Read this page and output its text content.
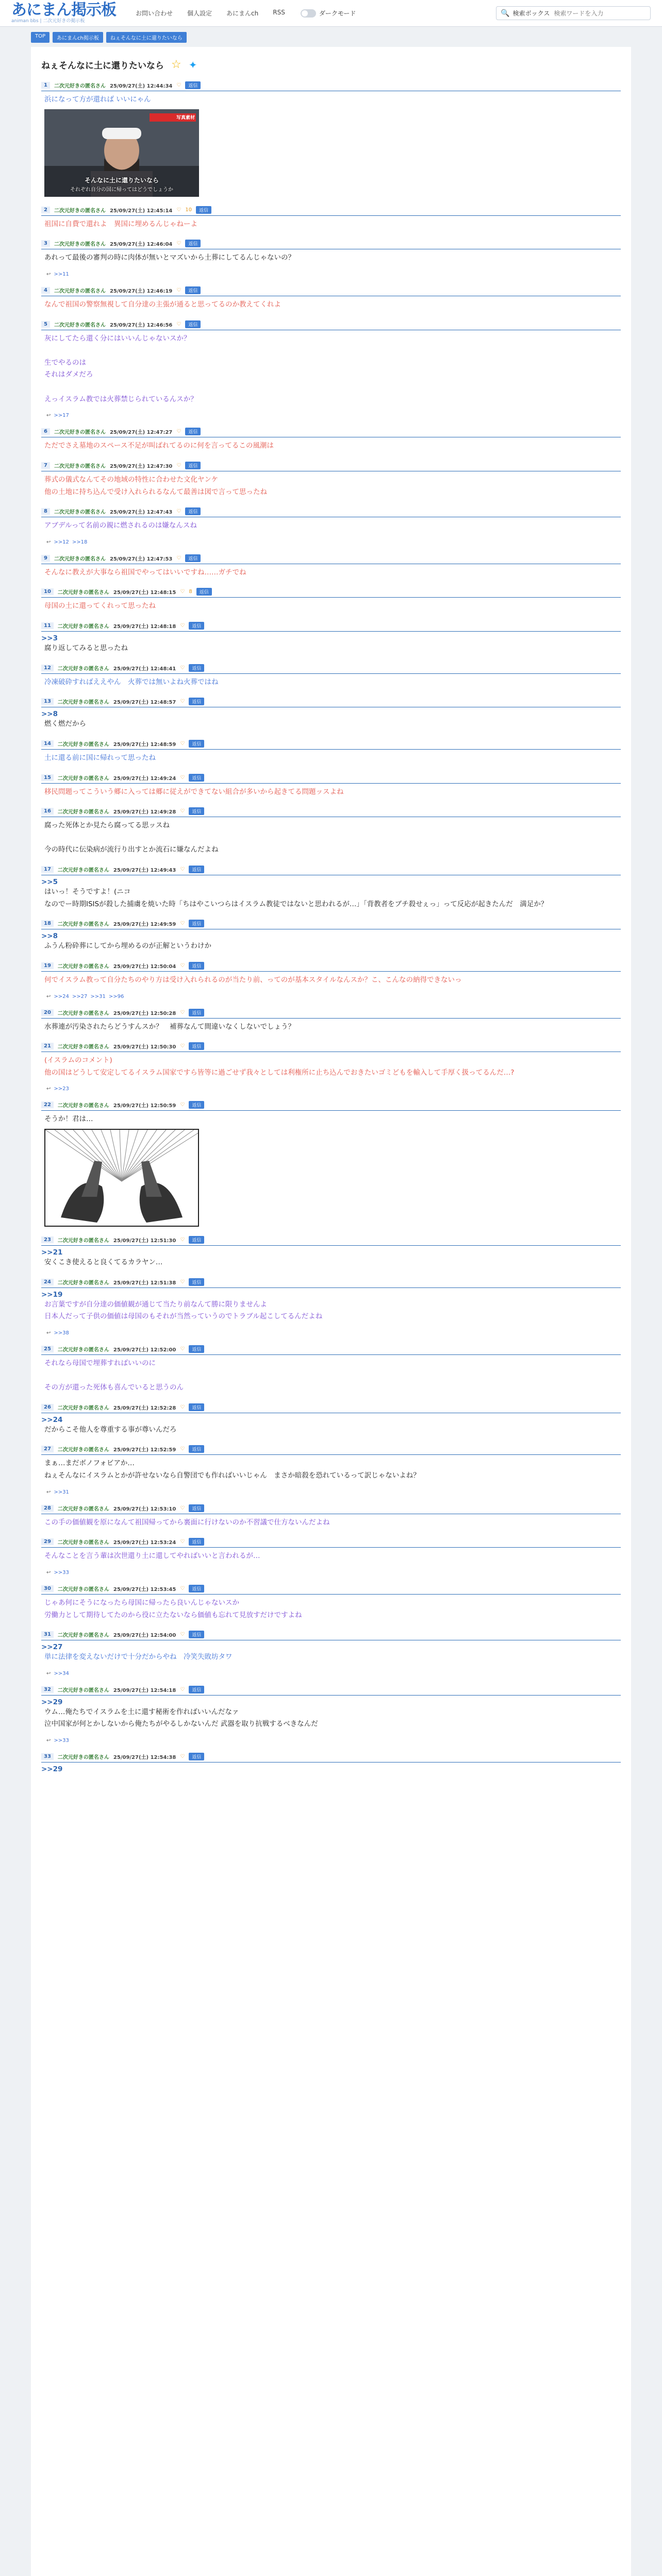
あにまん掲示板
animan bbs | 二次元好きの掲示板
お問い合わせ 個人設定 あにまんch RSS	ダークモード	🔍 検索ボックス
検索ワードを入力
TOP	あにまんch掲示板	ねぇそんなに土に還りたいなら
ねぇそんなに土に還りたいなら ☆ ✦
1	二次元好きの匿名さん 25/09/27(土) 12:44:34 ♡	返信
浜になって方が還れば いいにゃん
写真素材
そんなに土に還りたいなら
それぞれ自分の国に帰ってはどうでしょうか
2	二次元好きの匿名さん 25/09/27(土) 12:45:14 ♡ 10	返信
祖国に自費で還れよ　異国に埋めるんじゃねーよ
3	二次元好きの匿名さん 25/09/27(土) 12:46:04 ♡	返信
あれって最後の審判の時に肉体が無いとマズいから土葬にしてるんじゃないの？
↩ >>11
4	二次元好きの匿名さん 25/09/27(土) 12:46:19 ♡	返信
なんで祖国の警察無視して自分達の主張が通ると思ってるのか教えてくれよ
5	二次元好きの匿名さん 25/09/27(土) 12:46:56 ♡	返信
灰にしてたら還く分にはいいんじゃないスか？

生でやるのは
それはダメだろ

えっイスラム教では火葬禁じられているんスか？
↩ >>17
6	二次元好きの匿名さん 25/09/27(土) 12:47:27 ♡	返信
ただでさえ墓地のスペース不足が叫ばれてるのに何を言ってるこの風潮は
7	二次元好きの匿名さん 25/09/27(土) 12:47:30 ♡	返信
葬式の儀式なんてその地域の特性に合わせた文化ヤンケ
他の土地に持ち込んで受け入れられるなんて最善は図で言って思ったね
8	二次元好きの匿名さん 25/09/27(土) 12:47:43 ♡	返信
アブデルって名前の親に燃されるのは嫌なんスね
↩ >>12 >>18
9	二次元好きの匿名さん 25/09/27(土) 12:47:53 ♡	返信
そんなに教えが大事なら祖国でやってはいいですね……ガチでね
10	二次元好きの匿名さん 25/09/27(土) 12:48:15 ♡ 8	返信
母国の土に還ってくれって思ったね
11	二次元好きの匿名さん 25/09/27(土) 12:48:18 ♡	返信
>>3
腐り返してみると思ったね
12	二次元好きの匿名さん 25/09/27(土) 12:48:41 ♡	返信
冷凍破砕すればええやん　火葬では無いよね火葬ではね
13	二次元好きの匿名さん 25/09/27(土) 12:48:57 ♡	返信
>>8
燃く燃だから
14	二次元好きの匿名さん 25/09/27(土) 12:48:59 ♡	返信
土に還る前に国に帰れって思ったね
15	二次元好きの匿名さん 25/09/27(土) 12:49:24 ♡	返信
移民問題ってこういう郷に入っては郷に従えができてない組合が多いから起きてる問題ッスよね
16	二次元好きの匿名さん 25/09/27(土) 12:49:28 ♡	返信
腐った死体とか見たら腐ってる思ッスね

今の時代に伝染病が流行り出すとか流石に嫌なんだよね
17	二次元好きの匿名さん 25/09/27(土) 12:49:43 ♡	返信
>>5
はいっ！そうですよ！(ニコ
なのでー時期ISISが殺した捕虜を焼いた時「ちはやこいつらはイスラム教徒ではないと思われるが…」「背教者をブチ殺せぇっ」って反応が起きたんだ　満足か？
18	二次元好きの匿名さん 25/09/27(土) 12:49:59 ♡	返信
>>8
ふうん粉砕葬にしてから埋めるのが正解というわけか
19	二次元好きの匿名さん 25/09/27(土) 12:50:04 ♡	返信
何でイスラム教って自分たちのやり方は受け入れられるのが当たり前、ってのが基本スタイルなんスか？こ、こんなの納得できないっ
↩ >>24 >>27 >>31 >>96
20	二次元好きの匿名さん 25/09/27(土) 12:50:28 ♡	返信
水葬連が汚染されたらどうすんスか？　補葬なんて間違いなくしないでしょう？
21	二次元好きの匿名さん 25/09/27(土) 12:50:30 ♡	返信
(イスラムのコメント)
他の国はどうして安定してるイスラム国家ですら皆等に過ごせず我々としては利権所に止ち込んでおきたいゴミどもを輸入して手厚く扱ってるんだ…?
↩ >>23
22	二次元好きの匿名さん 25/09/27(土) 12:50:59 ♡	返信
そうか！君は…
23	二次元好きの匿名さん 25/09/27(土) 12:51:30 ♡	返信
>>21
安くこき使えると良くてるカラヤン…
24	二次元好きの匿名さん 25/09/27(土) 12:51:38 ♡	返信
>>19
お言葉ですが自分達の価値観が通じて当たり前なんて勝に限りませんよ
日本人だって子供の価値は母国のもそれが当然っていうのでトラブル起こしてるんだよね
↩ >>38
25	二次元好きの匿名さん 25/09/27(土) 12:52:00 ♡	返信
それなら母国で埋葬すればいいのに

その方が還った死体も喜んでいると思うのん
26	二次元好きの匿名さん 25/09/27(土) 12:52:28 ♡	返信
>>24
だからこそ他人を尊重する事が尊いんだろ
27	二次元好きの匿名さん 25/09/27(土) 12:52:59 ♡	返信
まぁ…まだボノフォビアか…
ねぇそんなにイスラムとかが許せないなら自警団でも作ればいいじゃん　まさか暗殺を恐れているって訳じゃないよね？
↩ >>31
28	二次元好きの匿名さん 25/09/27(土) 12:53:10 ♡	返信
この手の価値観を原になんて祖国帰ってから裏面に行けないのか不習議で仕方ないんだよね
29	二次元好きの匿名さん 25/09/27(土) 12:53:24 ♡	返信
そんなことを言う輩は次世還り土に還してやればいいと言われるが…
↩ >>33
30	二次元好きの匿名さん 25/09/27(土) 12:53:45 ♡	返信
じゃあ何にそうになったら母国に帰ったら良いんじゃないスか
労働力として期待してたのから役に立たないなら価値も忘れて見放すだけですよね
31	二次元好きの匿名さん 25/09/27(土) 12:54:00 ♡	返信
>>27
単に法律を変えないだけで十分だからやね　冷笑失敗坊タワ
↩ >>34
32	二次元好きの匿名さん 25/09/27(土) 12:54:18 ♡	返信
>>29
ウム…俺たちでイスラムを土に還す秘術を作ればいいんだなァ
泣中国家が何とかしないから俺たちがやるしかないんだ 武器を取り抗戦するべきなんだ
↩ >>33
33	二次元好きの匿名さん 25/09/27(土) 12:54:38 ♡	返信
>>29
